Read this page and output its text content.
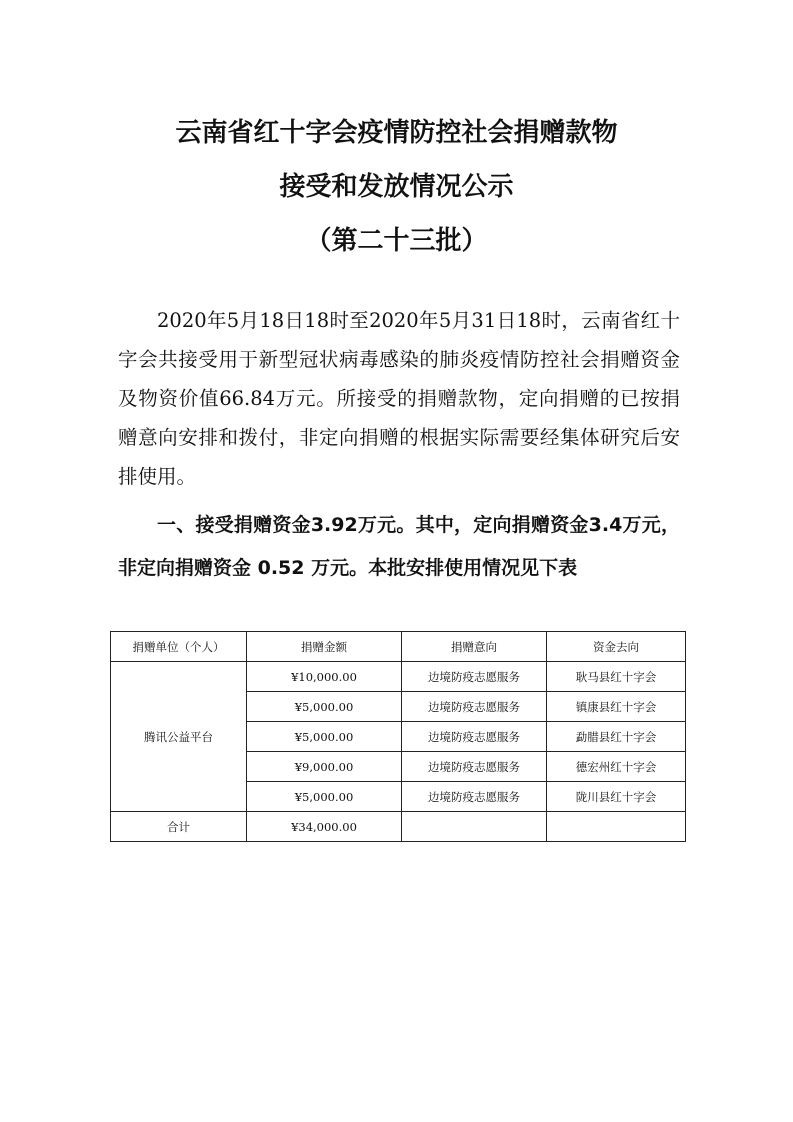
云南省红十字会疫情防控社会捐赠款物
接受和发放情况公示
（第二十三批）

2020年5月18日18时至2020年5月31日18时，云南省红十字会共接受用于新型冠状病毒感染的肺炎疫情防控社会捐赠资金及物资价值66.84万元。所接受的捐赠款物，定向捐赠的已按捐赠意向安排和拨付，非定向捐赠的根据实际需要经集体研究后安排使用。

一、接受捐赠资金3.92万元。其中，定向捐赠资金3.4万元，非定向捐赠资金 0.52 万元。本批安排使用情况见下表

捐赠单位（个人）	捐赠金额	捐赠意向	资金去向
腾讯公益平台	¥10,000.00	边境防疫志愿服务	耿马县红十字会
	¥5,000.00	边境防疫志愿服务	镇康县红十字会
	¥5,000.00	边境防疫志愿服务	勐腊县红十字会
	¥9,000.00	边境防疫志愿服务	德宏州红十字会
	¥5,000.00	边境防疫志愿服务	陇川县红十字会
合计	¥34,000.00		
